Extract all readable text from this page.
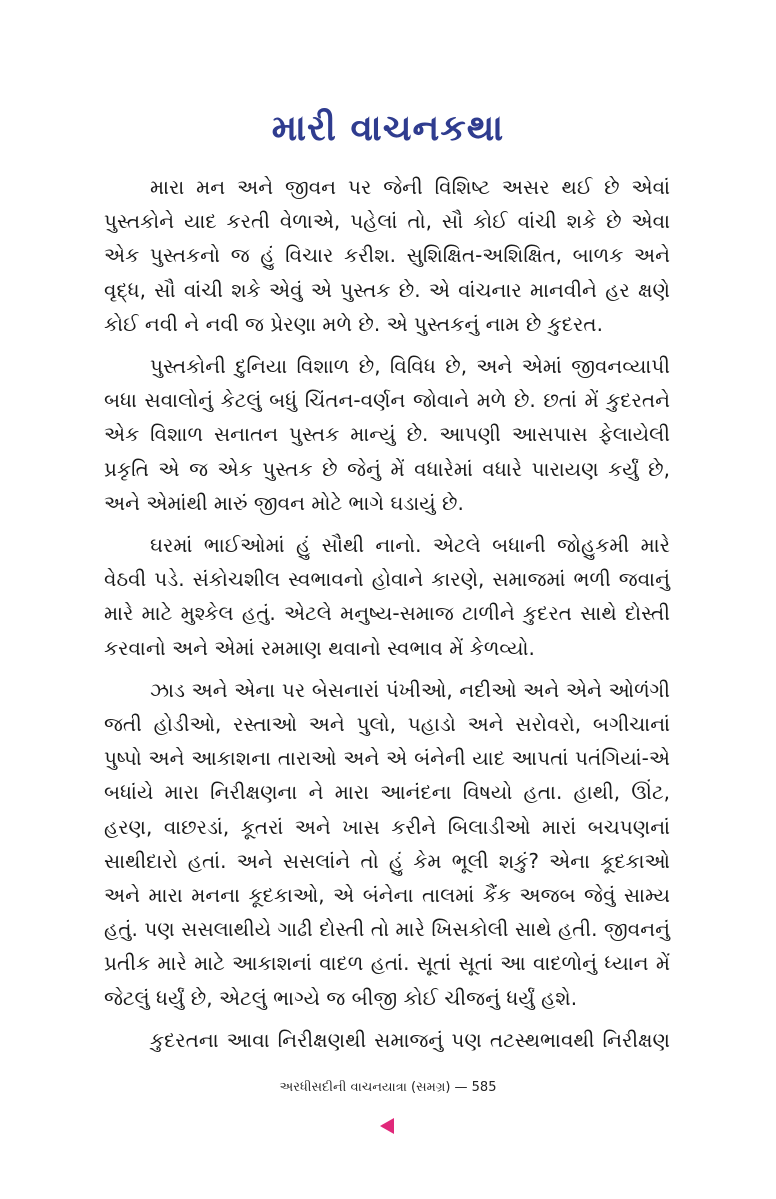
મારી વાચનકથા

મારા મન અને જીવન પર જેની વિશિષ્ટ અસર થઈ છે એવાં પુસ્તકોને યાદ કરતી વેળાએ, પહેલાં તો, સૌ કોઈ વાંચી શકે છે એવા એક પુસ્તકનો જ હું વિચાર કરીશ. સુશિક્ષિત-અશિક્ષિત, બાળક અને વૃદ્ધ, સૌ વાંચી શકે એવું એ પુસ્તક છે. એ વાંચનાર માનવીને હર ક્ષણે કોઈ નવી ને નવી જ પ્રેરણા મળે છે. એ પુસ્તકનું નામ છે કુદરત.

પુસ્તકોની દુનિયા વિશાળ છે, વિવિધ છે, અને એમાં જીવનવ્યાપી બધા સવાલોનું કેટલું બધું ચિંતન-વર્ણન જોવાને મળે છે. છતાં મેં કુદરતને એક વિશાળ સનાતન પુસ્તક માન્યું છે. આપણી આસપાસ ફેલાયેલી પ્રકૃતિ એ જ એક પુસ્તક છે જેનું મેં વધારેમાં વધારે પારાયણ કર્યું છે, અને એમાંથી મારું જીવન મોટે ભાગે ઘડાયું છે.

ઘરમાં ભાઈઓમાં હું સૌથી નાનો. એટલે બધાની જોહુકમી મારે વેઠવી પડે. સંકોચશીલ સ્વભાવનો હોવાને કારણે, સમાજમાં ભળી જવાનું મારે માટે મુશ્કેલ હતું. એટલે મનુષ્ય-સમાજ ટાળીને કુદરત સાથે દોસ્તી કરવાનો અને એમાં રમમાણ થવાનો સ્વભાવ મેં કેળવ્યો.

ઝાડ અને એના પર બેસનારાં પંખીઓ, નદીઓ અને એને ઓળંગી જતી હોડીઓ, રસ્તાઓ અને પુલો, પહાડો અને સરોવરો, બગીચાનાં પુષ્પો અને આકાશના તારાઓ અને એ બંનેની યાદ આપતાં પતંગિયાં-એ બધાંયે મારા નિરીક્ષણના ને મારા આનંદના વિષયો હતા. હાથી, ઊંટ, હરણ, વાછરડાં, કૂતરાં અને ખાસ કરીને બિલાડીઓ મારાં બચપણનાં સાથીદારો હતાં. અને સસલાંને તો હું કેમ ભૂલી શકું? એના કૂદકાઓ અને મારા મનના કૂદકાઓ, એ બંનેના તાલમાં કૈંક અજબ જેવું સામ્ય હતું. પણ સસલાથીયે ગાઢી દોસ્તી તો મારે ખિસકોલી સાથે હતી. જીવનનું પ્રતીક મારે માટે આકાશનાં વાદળ હતાં. સૂતાં સૂતાં આ વાદળોનું ધ્યાન મેં જેટલું ધર્યું છે, એટલું ભાગ્યે જ બીજી કોઈ ચીજનું ધર્યું હશે.

કુદરતના આવા નિરીક્ષણથી સમાજનું પણ તટસ્થભાવથી નિરીક્ષણ

અરધીસદીની વાચનયાત્રા (સમગ્ર) — 585
